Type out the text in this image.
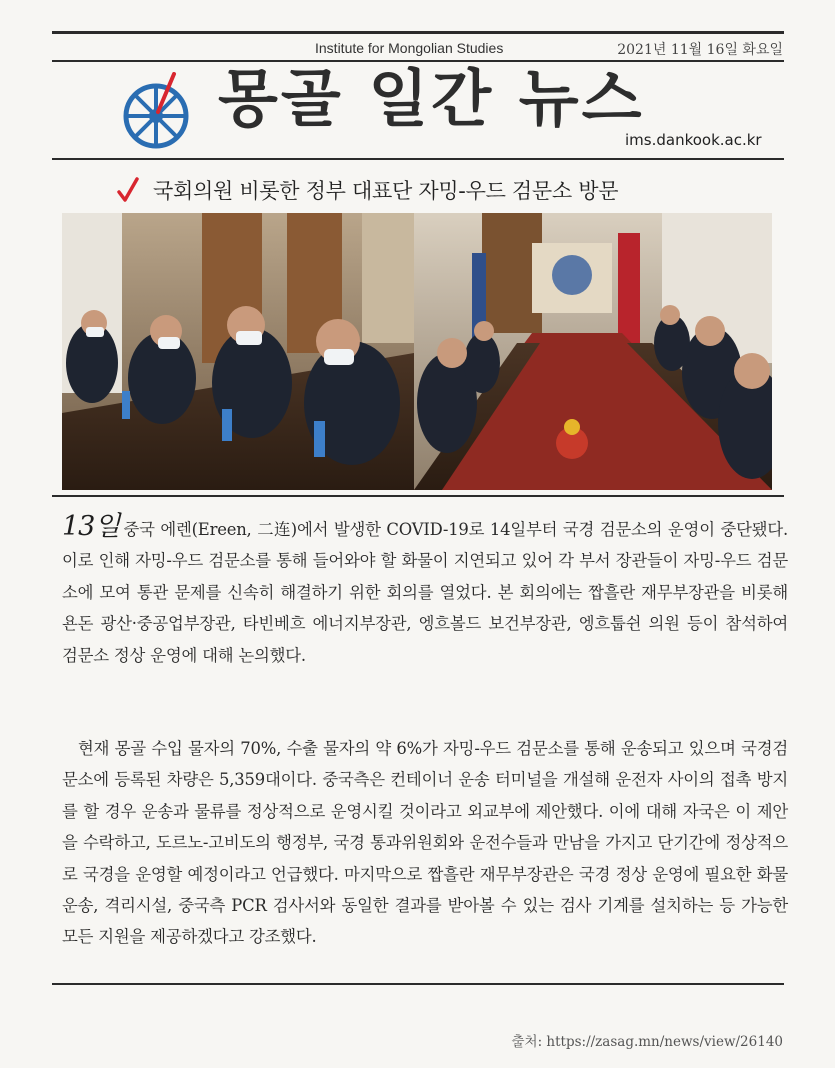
Institute for Mongolian Studies	2021년 11월 16일 화요일
몽골 일간 뉴스
ims.dankook.ac.kr
국회의원 비롯한 정부 대표단 자밍-우드 검문소 방문
13일 중국 에렌(Ereen, 二连)에서 발생한 COVID-19로 14일부터 국경 검문소의 운영이 중단됐다. 이로 인해 자밍-우드 검문소를 통해 들어와야 할 화물이 지연되고 있어 각 부서 장관들이 자밍-우드 검문소에 모여 통관 문제를 신속히 해결하기 위한 회의를 열었다. 본 회의에는 짭흘란 재무부장관을 비롯해 욘돈 광산·중공업부장관, 타빈베흐 에너지부장관, 엥흐볼드 보건부장관, 엥흐툽쉰 의원 등이 참석하여 검문소 정상 운영에 대해 논의했다.
현재 몽골 수입 물자의 70%, 수출 물자의 약 6%가 자밍-우드 검문소를 통해 운송되고 있으며 국경검문소에 등록된 차량은 5,359대이다. 중국측은 컨테이너 운송 터미널을 개설해 운전자 사이의 접촉 방지를 할 경우 운송과 물류를 정상적으로 운영시킬 것이라고 외교부에 제안했다. 이에 대해 자국은 이 제안을 수락하고, 도르노-고비도의 행정부, 국경 통과위원회와 운전수들과 만남을 가지고 단기간에 정상적으로 국경을 운영할 예정이라고 언급했다. 마지막으로 짭흘란 재무부장관은 국경 정상 운영에 필요한 화물 운송, 격리시설, 중국측 PCR 검사서와 동일한 결과를 받아볼 수 있는 검사 기계를 설치하는 등 가능한 모든 지원을 제공하겠다고 강조했다.
출처: https://zasag.mn/news/view/26140
